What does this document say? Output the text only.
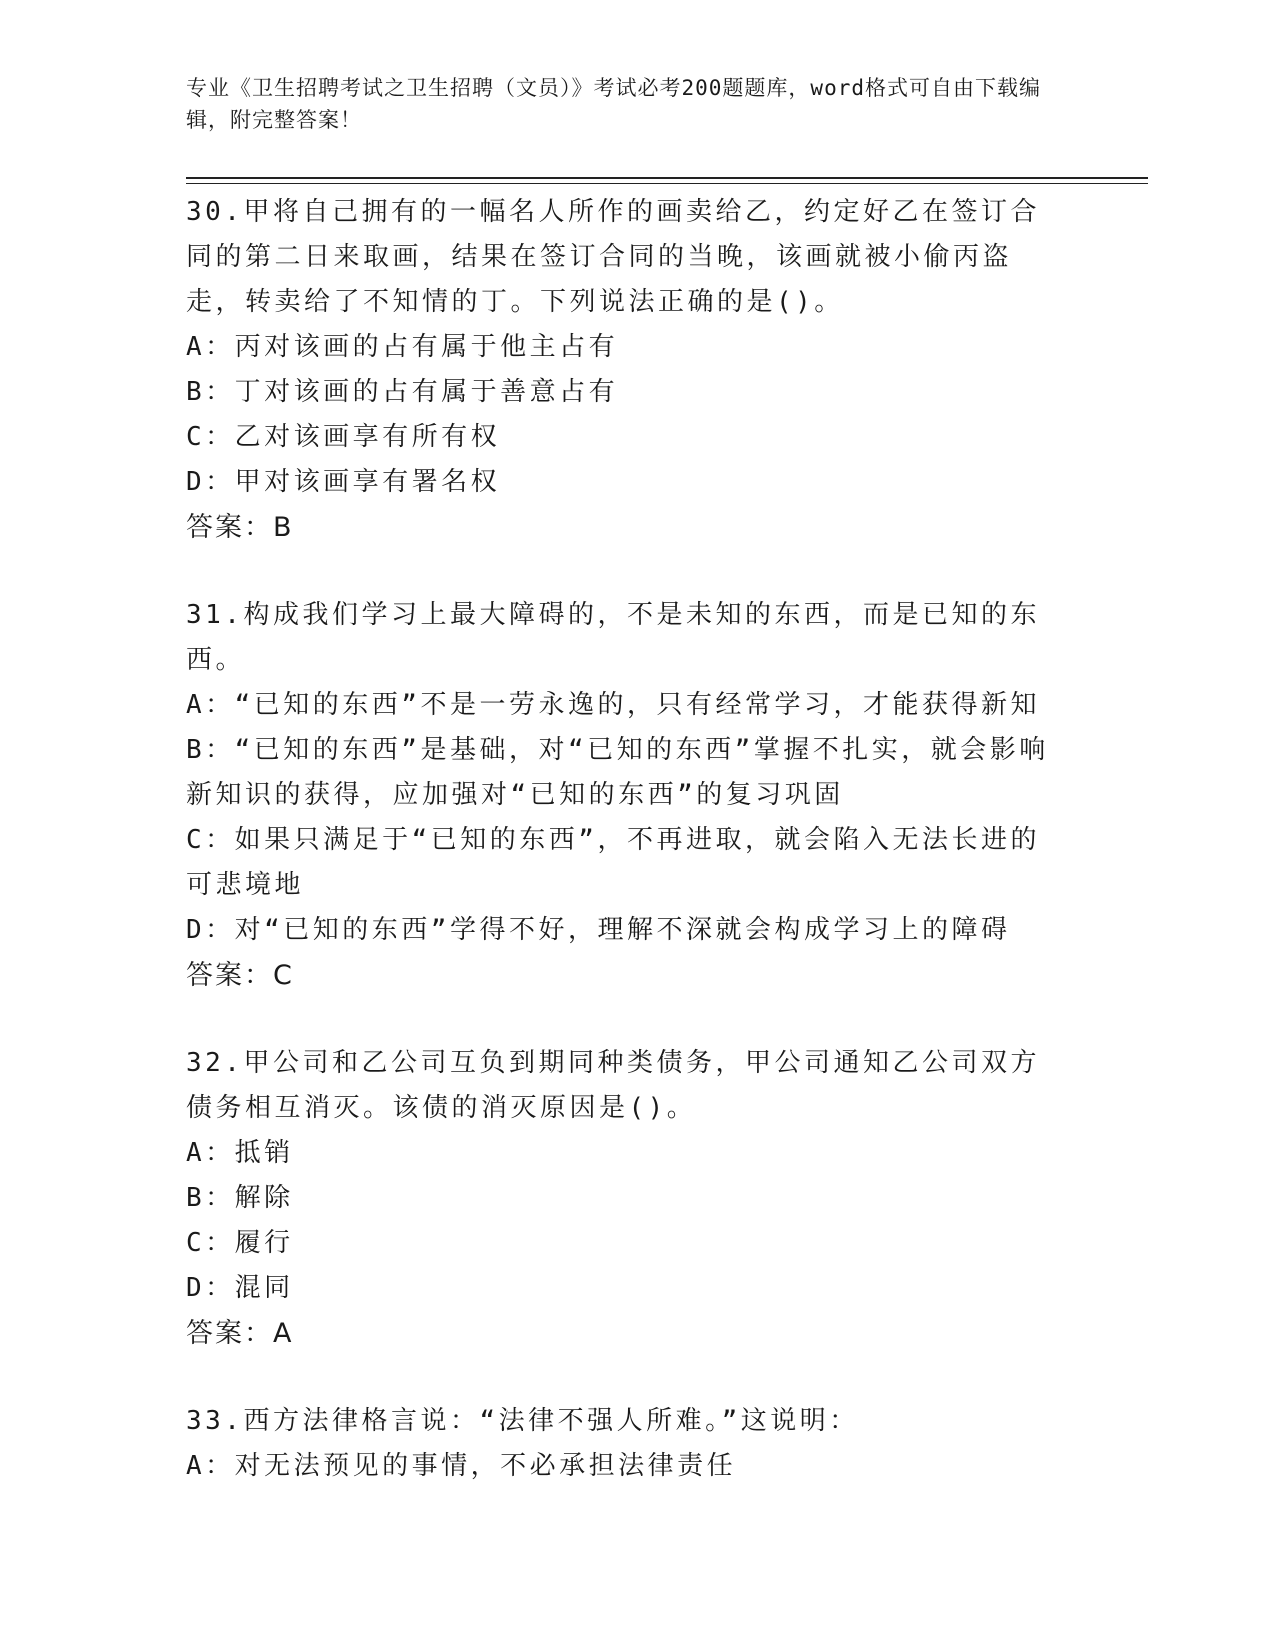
专业《卫生招聘考试之卫生招聘（文员）》考试必考200题题库，word格式可自由下载编辑，附完整答案！

30.甲将自己拥有的一幅名人所作的画卖给乙，约定好乙在签订合同的第二日来取画，结果在签订合同的当晚，该画就被小偷丙盗走，转卖给了不知情的丁。下列说法正确的是()。

A：丙对该画的占有属于他主占有

B：丁对该画的占有属于善意占有

C：乙对该画享有所有权

D：甲对该画享有署名权

答案：B

31.构成我们学习上最大障碍的，不是未知的东西，而是已知的东西。

A：“已知的东西”不是一劳永逸的，只有经常学习，才能获得新知

B：“已知的东西”是基础，对“已知的东西”掌握不扎实，就会影响新知识的获得，应加强对“已知的东西”的复习巩固

C：如果只满足于“已知的东西”，不再进取，就会陷入无法长进的可悲境地

D：对“已知的东西”学得不好，理解不深就会构成学习上的障碍

答案：C

32.甲公司和乙公司互负到期同种类债务，甲公司通知乙公司双方债务相互消灭。该债的消灭原因是()。

A：抵销

B：解除

C：履行

D：混同

答案：A

33.西方法律格言说：“法律不强人所难。”这说明：

A：对无法预见的事情，不必承担法律责任
